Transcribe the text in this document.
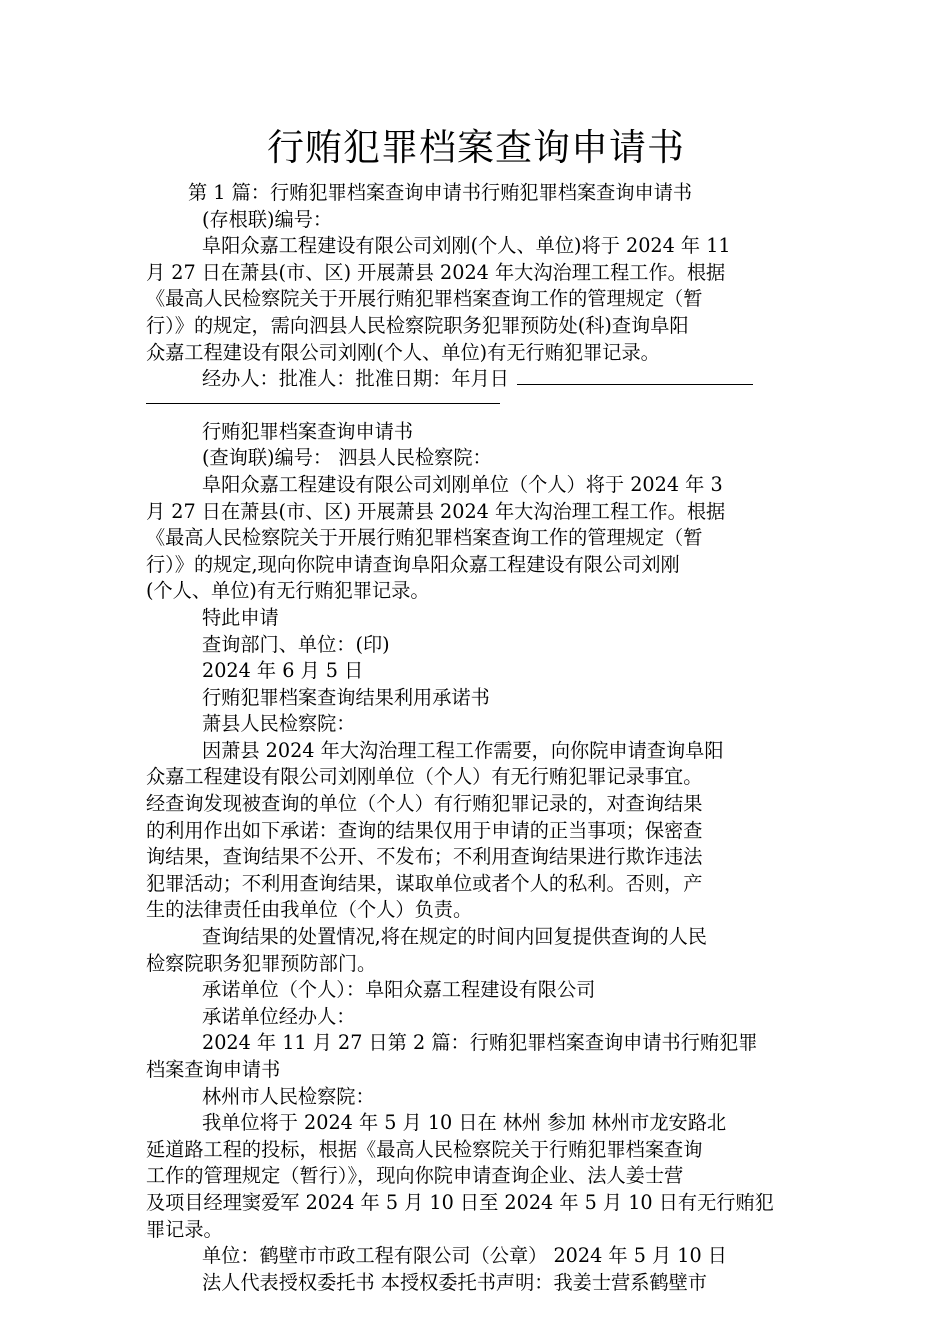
行贿犯罪档案查询申请书

第 1 篇：行贿犯罪档案查询申请书行贿犯罪档案查询申请书

(存根联)编号：

阜阳众嘉工程建设有限公司刘刚(个人、单位)将于 2024 年 11

月 27 日在萧县(市、区) 开展萧县 2024 年大沟治理工程工作。根据

《最高人民检察院关于开展行贿犯罪档案查询工作的管理规定（暂

行）》的规定，需向泗县人民检察院职务犯罪预防处(科)查询阜阳

众嘉工程建设有限公司刘刚(个人、单位)有无行贿犯罪记录。

经办人：批准人：批准日期：年月日

行贿犯罪档案查询申请书

(查询联)编号： 泗县人民检察院：

阜阳众嘉工程建设有限公司刘刚单位（个人）将于 2024 年 3

月 27 日在萧县(市、区) 开展萧县 2024 年大沟治理工程工作。根据

《最高人民检察院关于开展行贿犯罪档案查询工作的管理规定（暂

行）》的规定,现向你院申请查询阜阳众嘉工程建设有限公司刘刚

(个人、单位)有无行贿犯罪记录。

特此申请

查询部门、单位：(印)

2024 年 6 月 5 日

行贿犯罪档案查询结果利用承诺书

萧县人民检察院：

因萧县 2024 年大沟治理工程工作需要，向你院申请查询阜阳

众嘉工程建设有限公司刘刚单位（个人）有无行贿犯罪记录事宜。

经查询发现被查询的单位（个人）有行贿犯罪记录的，对查询结果

的利用作出如下承诺：查询的结果仅用于申请的正当事项；保密查

询结果，查询结果不公开、不发布；不利用查询结果进行欺诈违法

犯罪活动；不利用查询结果，谋取单位或者个人的私利。否则，产

生的法律责任由我单位（个人）负责。

查询结果的处置情况,将在规定的时间内回复提供查询的人民

检察院职务犯罪预防部门。

承诺单位（个人）：阜阳众嘉工程建设有限公司

承诺单位经办人：

2024 年 11 月 27 日第 2 篇：行贿犯罪档案查询申请书行贿犯罪

档案查询申请书

林州市人民检察院：

我单位将于 2024 年 5 月 10 日在 林州 参加 林州市龙安路北

延道路工程的投标，根据《最高人民检察院关于行贿犯罪档案查询

工作的管理规定（暂行）》，现向你院申请查询企业、法人姜士营

及项目经理窦爱军 2024 年 5 月 10 日至 2024 年 5 月 10 日有无行贿犯

罪记录。

单位：鹤壁市市政工程有限公司（公章） 2024 年 5 月 10 日

法人代表授权委托书 本授权委托书声明：我姜士营系鹤壁市
